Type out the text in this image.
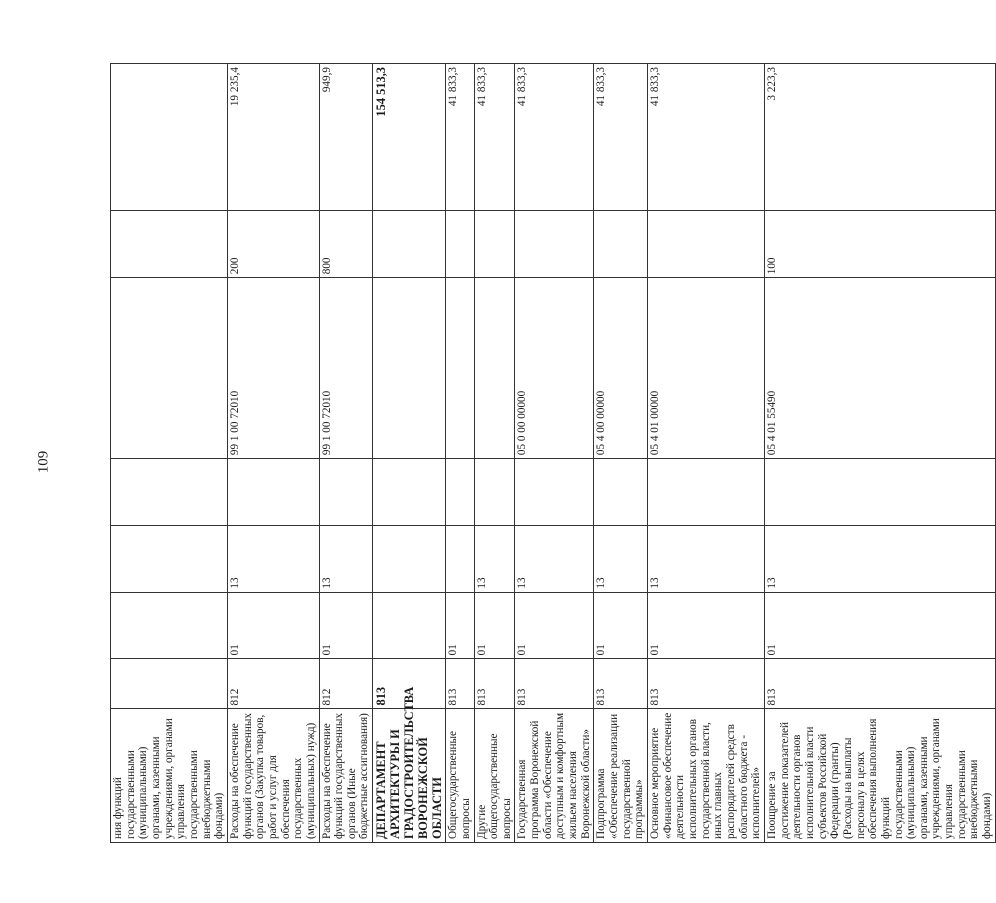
109
ния функций государственными (муниципальными) органами, казенными учреждениями, органами управления государственными внебюджетными фондами)							
Расходы на обеспечение функций государственных органов (Закупка товаров, работ и услуг для обеспечения государственных (муниципальных) нужд)	812	01	13		99 1 00 72010	200	19 235,4
Расходы на обеспечение функций государственных органов (Иные бюджетные ассигнования)	812	01	13		99 1 00 72010	800	949,9
ДЕПАРТАМЕНТ АРХИТЕКТУРЫ И ГРАДОСТРОИТЕЛЬСТВА ВОРОНЕЖСКОЙ ОБЛАСТИ	813						154 513,3
Общегосударственные вопросы	813	01					41 833,3
Другие общегосударственные вопросы	813	01	13				41 833,3
Государственная программа Воронежской области «Обеспечение доступным и комфортным жильем населения Воронежской области»	813	01	13		05 0 00 00000		41 833,3
Подпрограмма «Обеспечение реализации государственной программы»	813	01	13		05 4 00 00000		41 833,3
Основное мероприятие «Финансовое обеспечение деятельности исполнительных органов государственной власти, иных главных распорядителей средств областного бюджета - исполнителей»	813	01	13		05 4 01 00000		41 833,3
Поощрение за достижение показателей деятельности органов исполнительной власти субъектов Российской Федерации (гранты) (Расходы на выплаты персоналу в целях обеспечения выполнения функций государственными (муниципальными) органами, казенными учреждениями, органами управления государственными внебюджетными фондами)	813	01	13		05 4 01 55490	100	3 223,3
